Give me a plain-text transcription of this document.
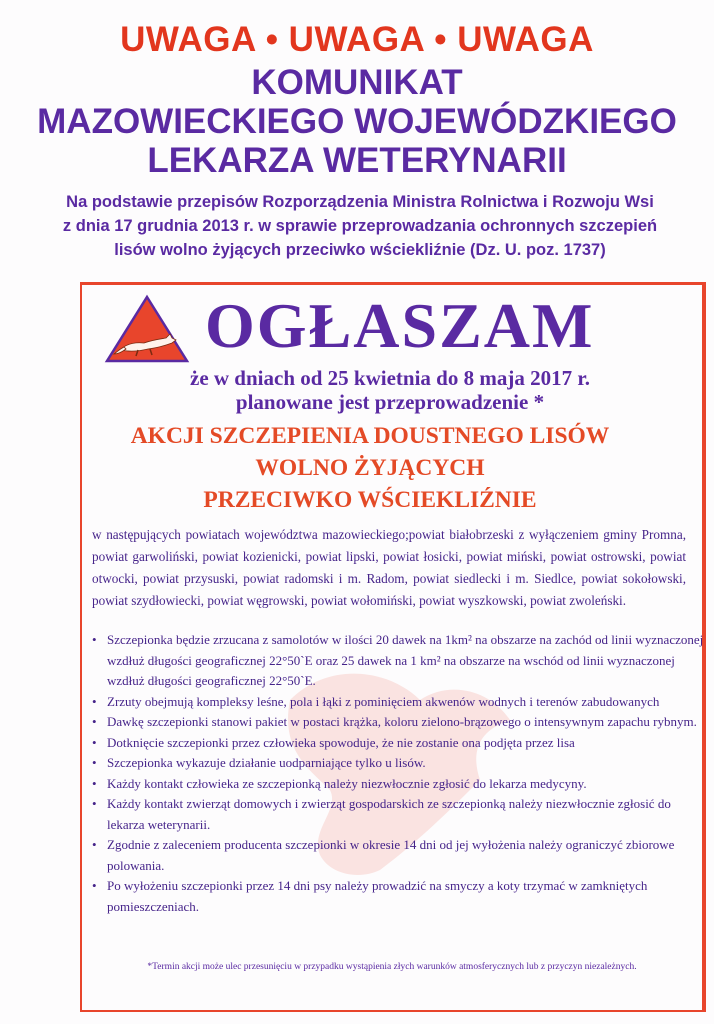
UWAGA • UWAGA • UWAGA
KOMUNIKAT
MAZOWIECKIEGO WOJEWÓDZKIEGO
LEKARZA WETERYNARII
Na podstawie przepisów Rozporządzenia Ministra Rolnictwa i Rozwoju Wsi
z dnia 17 grudnia 2013 r. w sprawie przeprowadzania ochronnych szczepień
lisów wolno żyjących przeciwko wściekliźnie (Dz. U. poz. 1737)
OGŁASZAM
że w dniach od 25 kwietnia do 8 maja 2017 r.
planowane jest przeprowadzenie *
AKCJI SZCZEPIENIA DOUSTNEGO LISÓW
WOLNO ŻYJĄCYCH
PRZECIWKO WŚCIEKLIŹNIE
w następujących powiatach województwa mazowieckiego;powiat białobrzeski z wyłączeniem gminy Promna, powiat garwoliński, powiat kozienicki, powiat lipski, powiat łosicki, powiat miński, powiat ostrowski, powiat otwocki, powiat przysuski, powiat radomski i m. Radom, powiat siedlecki i m. Siedlce, powiat sokołowski, powiat szydłowiecki, powiat węgrowski, powiat wołomiński, powiat wyszkowski, powiat zwoleński.
• Szczepionka będzie zrzucana z samolotów w ilości 20 dawek na 1km² na obszarze na zachód od linii wyznaczonej wzdłuż długości geograficznej 22°50`E oraz 25 dawek na 1 km² na obszarze na wschód od linii wyznaczonej wzdłuż długości geograficznej 22°50`E.
• Zrzuty obejmują kompleksy leśne, pola i łąki z pominięciem akwenów wodnych i terenów zabudowanych
• Dawkę szczepionki stanowi pakiet w postaci krążka, koloru zielono-brązowego o intensywnym zapachu rybnym.
• Dotknięcie szczepionki przez człowieka spowoduje, że nie zostanie ona podjęta przez lisa
• Szczepionka wykazuje działanie uodparniające tylko u lisów.
• Każdy kontakt człowieka ze szczepionką należy niezwłocznie zgłosić do lekarza medycyny.
• Każdy kontakt zwierząt domowych i zwierząt gospodarskich ze szczepionką należy niezwłocznie zgłosić do lekarza weterynarii.
• Zgodnie z zaleceniem producenta szczepionki w okresie 14 dni od jej wyłożenia należy ograniczyć zbiorowe polowania.
• Po wyłożeniu szczepionki przez 14 dni psy należy prowadzić na smyczy a koty trzymać w zamkniętych pomieszczeniach.
*Termin akcji może ulec przesunięciu w przypadku wystąpienia złych warunków atmosferycznych lub z przyczyn niezależnych.
